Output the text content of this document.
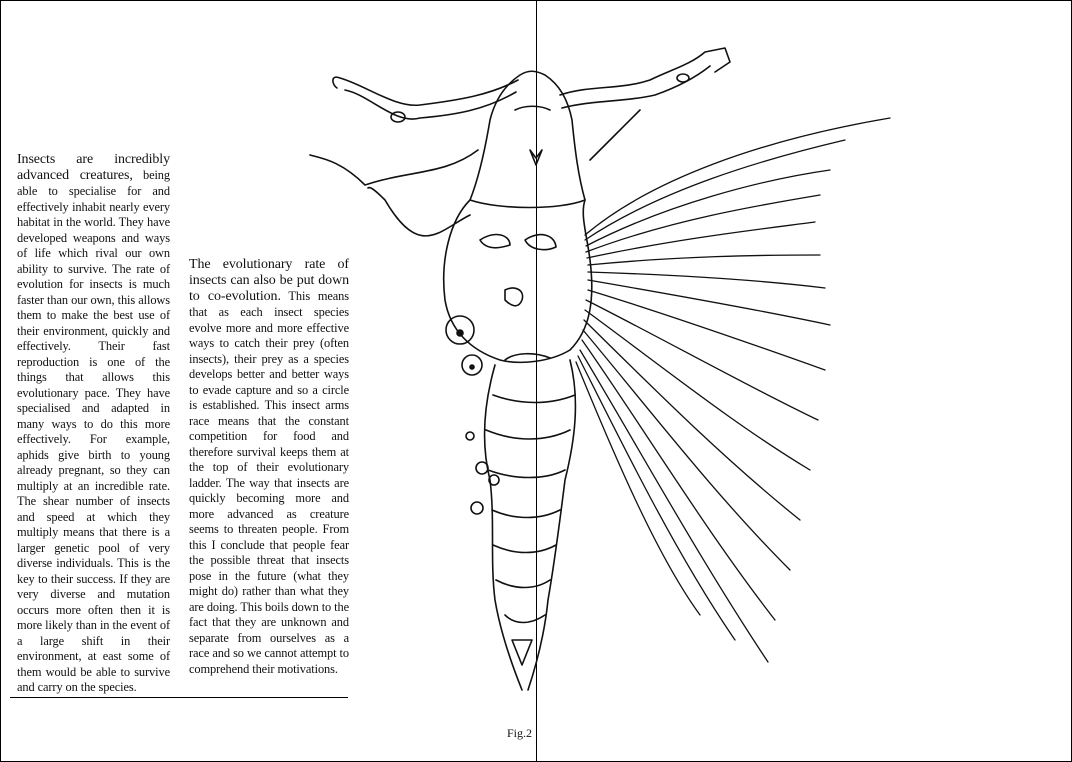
Insects are incredibly advanced creatures, being able to specialise for and effectively inhabit nearly every habitat in the world. They have developed weapons and ways of life which rival our own ability to survive. The rate of evolution for insects is much faster than our own, this allows them to make the best use of their environment, quickly and effectively. Their fast reproduction is one of the things that allows this evolutionary pace. They have specialised and adapted in many ways to do this more effectively. For example, aphids give birth to young already pregnant, so they can multiply at an incredible rate. The shear number of insects and speed at which they multiply means that there is a larger genetic pool of very diverse individuals. This is the key to their success. If they are very diverse and mutation occurs more often then it is more likely than in the event of a large shift in their environment, at east some of them would be able to survive and carry on the species.
The evolutionary rate of insects can also be put down to co-evolution. This means that as each insect species evolve more and more effective ways to catch their prey (often insects), their prey as a species develops better and better ways to evade capture and so a circle is established. This insect arms race means that the constant competition for food and therefore survival keeps them at the top of their evolutionary ladder. The way that insects are quickly becoming more and more advanced as creature seems to threaten people. From this I conclude that people fear the possible threat that insects pose in the future (what they might do) rather than what they are doing. This boils down to the fact that they are unknown and separate from ourselves as a race and so we cannot attempt to comprehend their motivations.
Fig.2
